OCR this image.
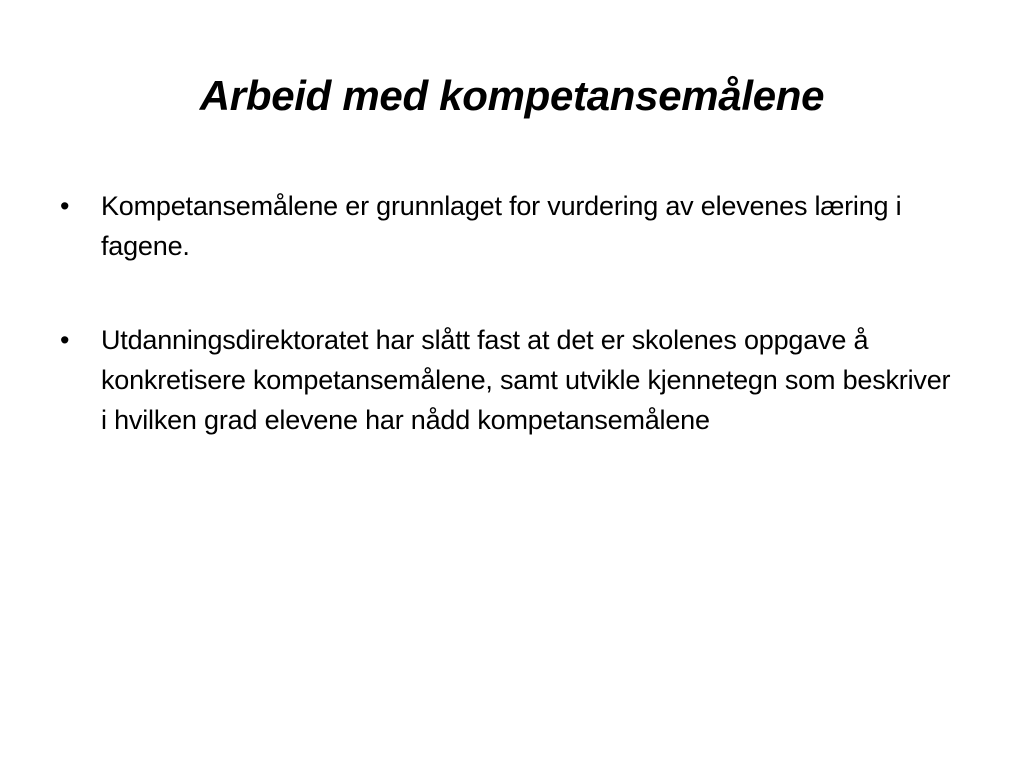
Arbeid med kompetansemålene
•	Kompetansemålene er grunnlaget for vurdering av elevenes læring i fagene.
•	Utdanningsdirektoratet har slått fast at det er skolenes oppgave å konkretisere kompetansemålene, samt utvikle kjennetegn som beskriver i hvilken grad elevene har nådd kompetansemålene
